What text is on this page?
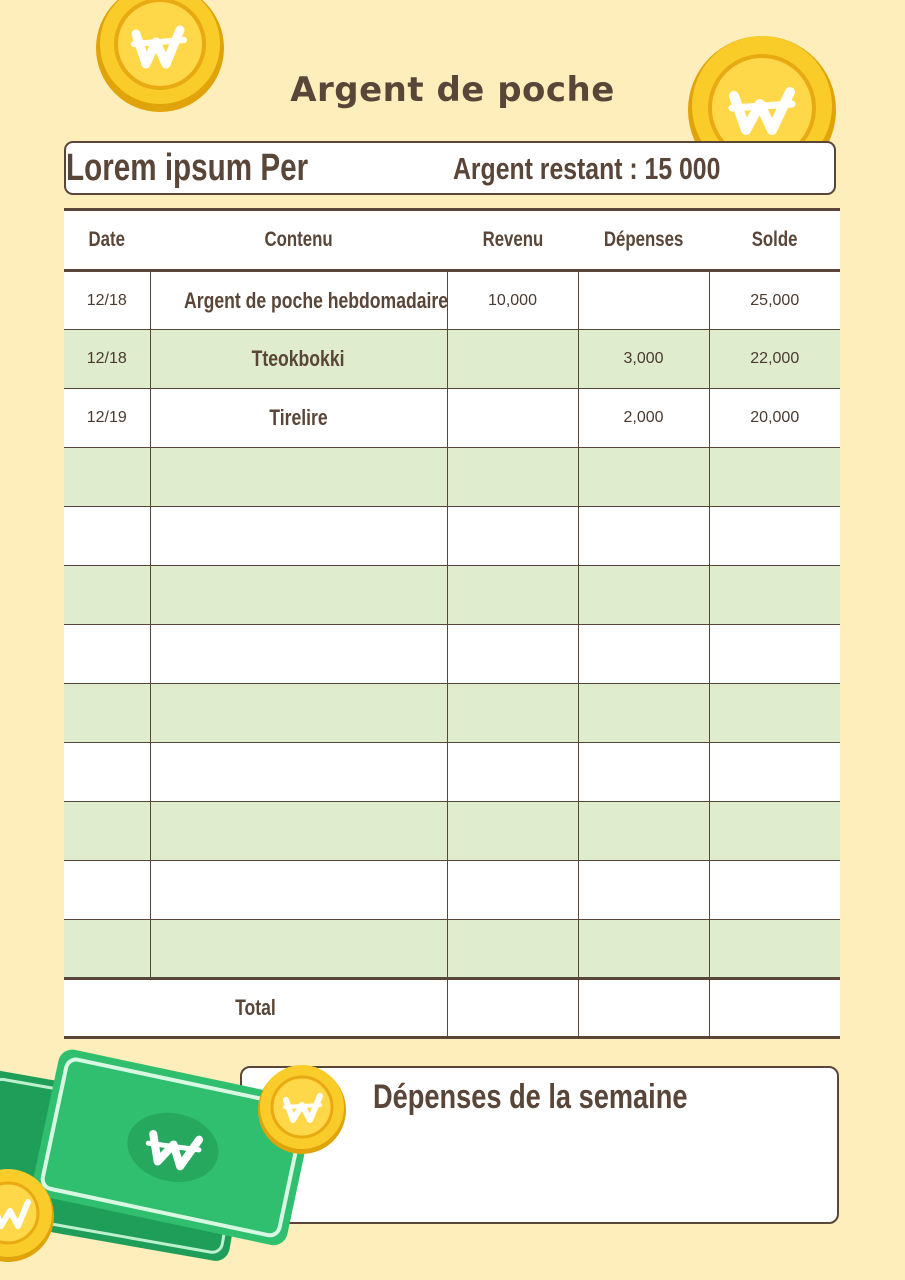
Argent de poche
Lorem ipsum Per	Argent restant : 15 000
Date	Contenu	Revenu	Dépenses	Solde
12/18	Argent de poche hebdomadaire	10,000		25,000
12/18	Tteokbokki		3,000	22,000
12/19	Tirelire		2,000	20,000

Total				
Dépenses de la semaine
